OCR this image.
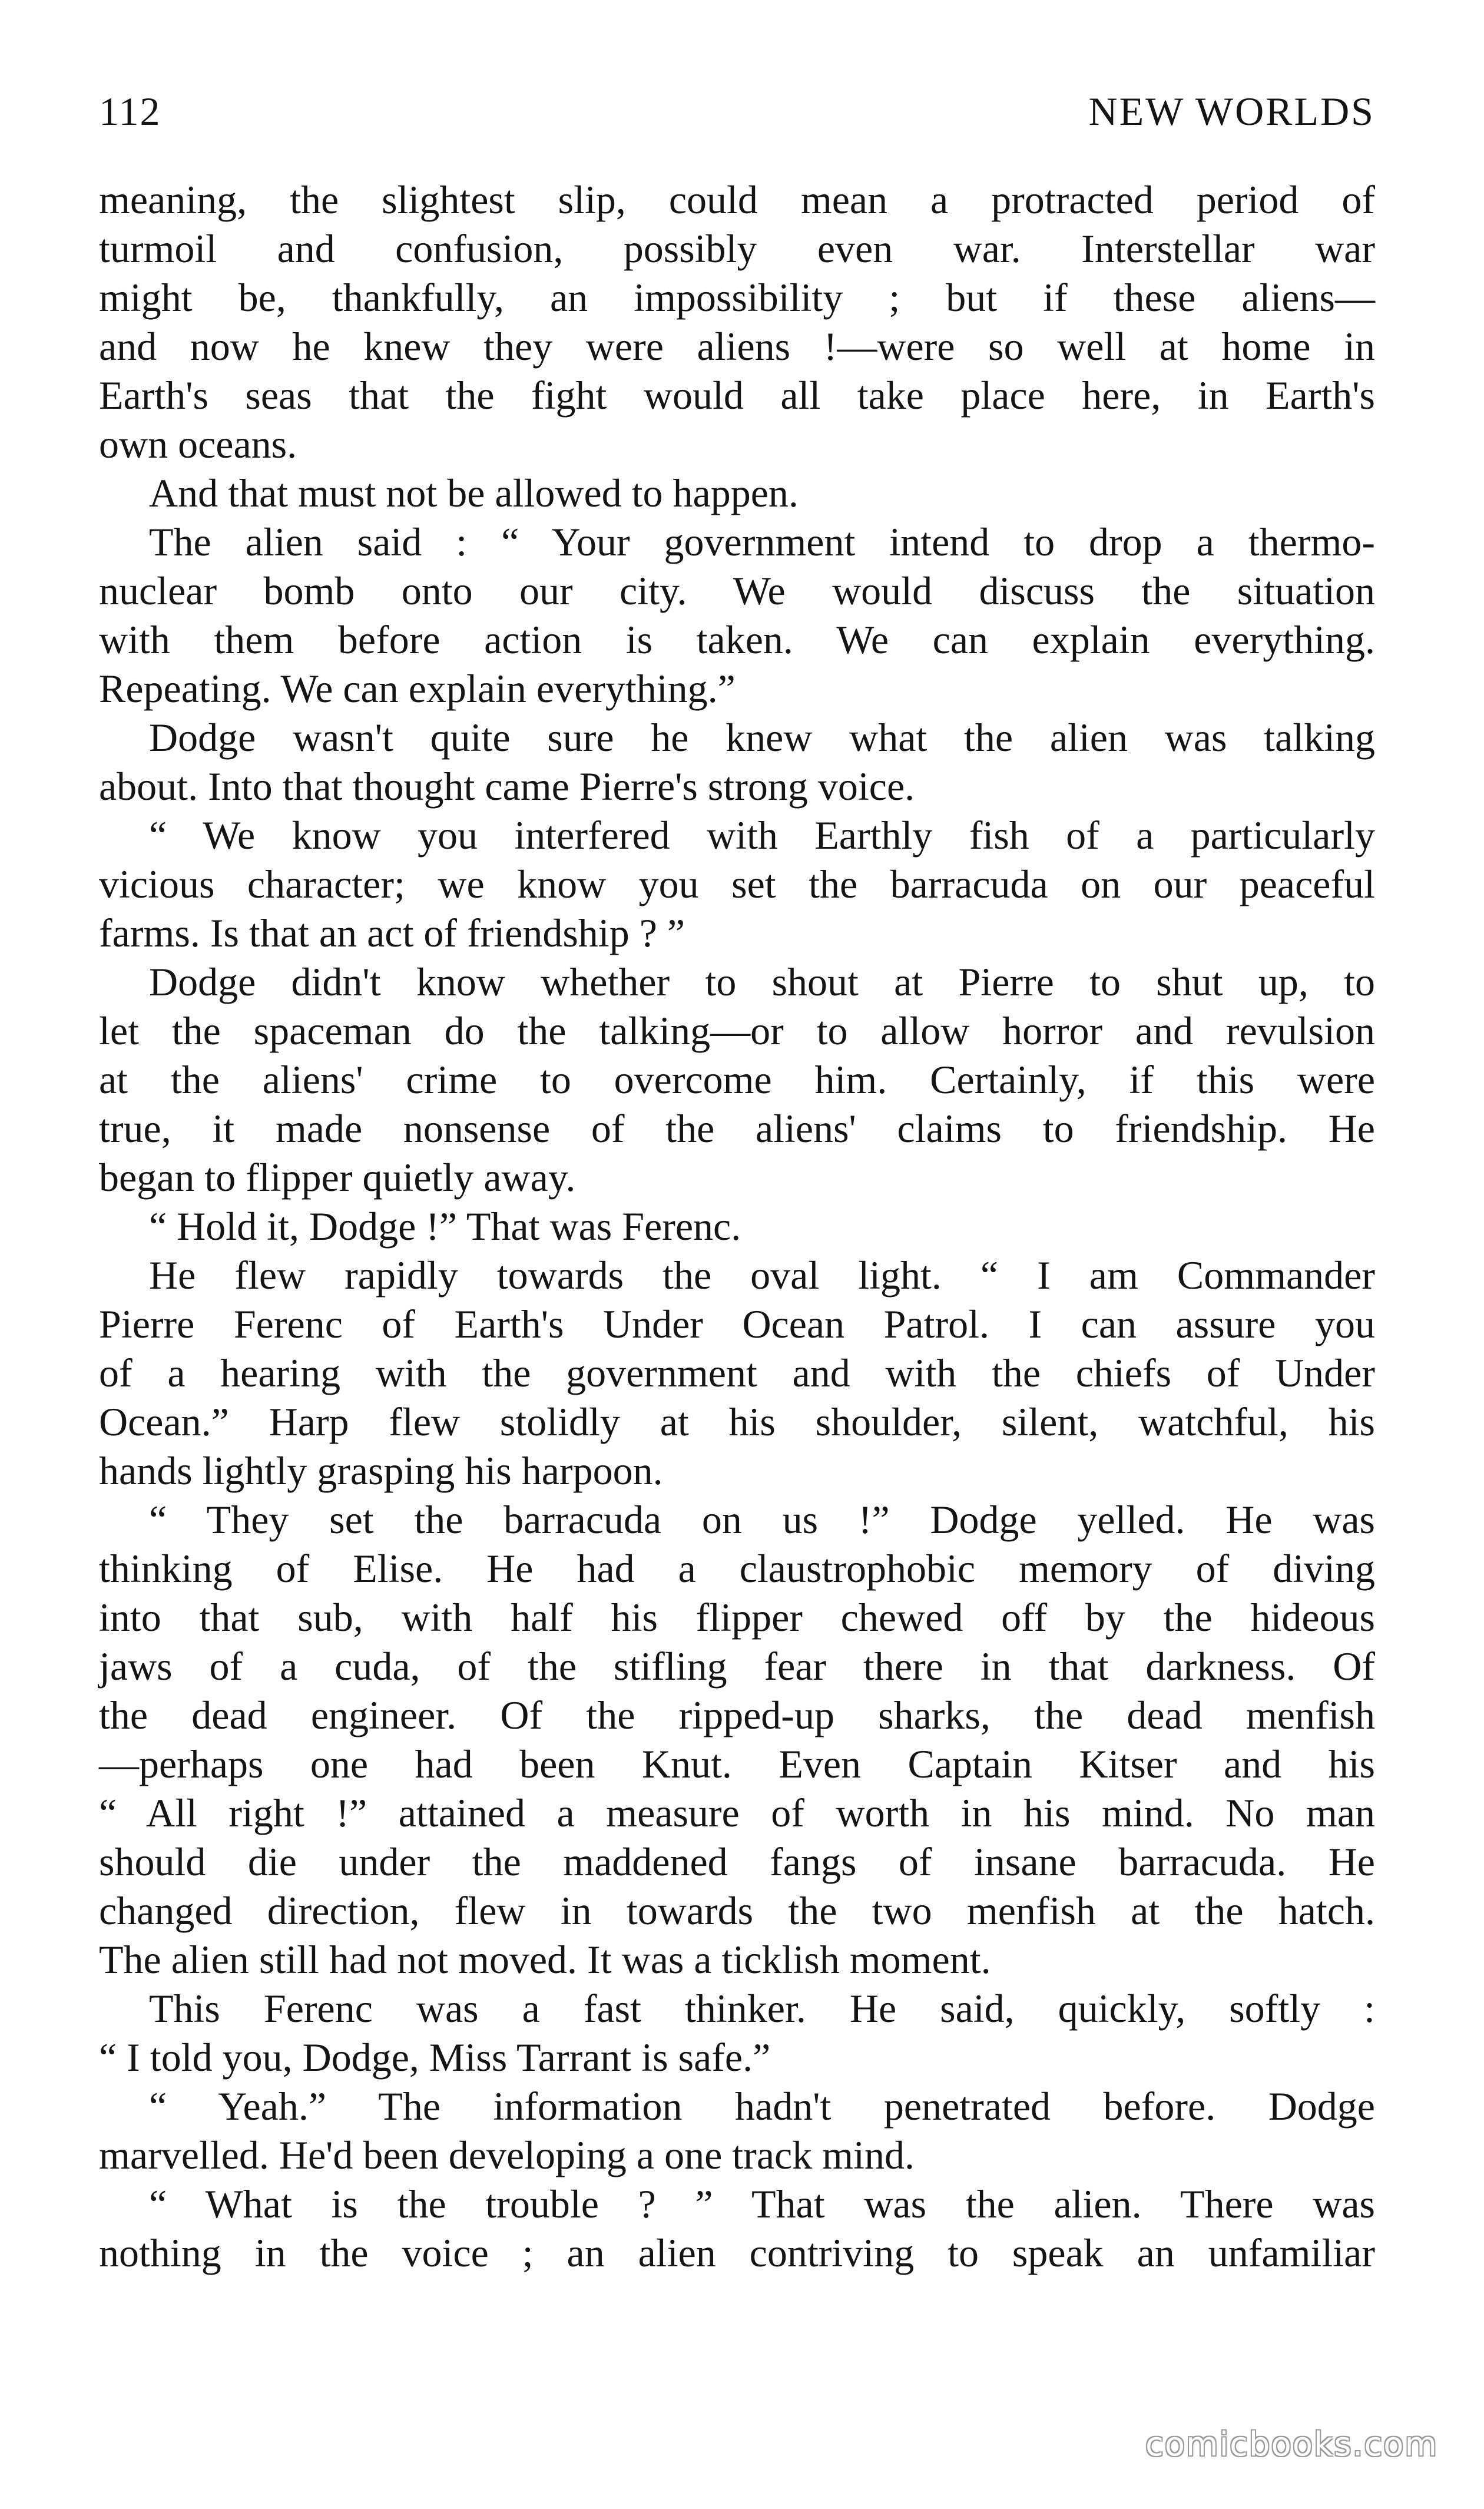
112	NEW WORLDS
meaning, the slightest slip, could mean a protracted period of
turmoil and confusion, possibly even war. Interstellar war
might be, thankfully, an impossibility ; but if these aliens—
and now he knew they were aliens !—were so well at home in
Earth's seas that the fight would all take place here, in Earth's
own oceans.
And that must not be allowed to happen.
The alien said : “ Your government intend to drop a thermo-
nuclear bomb onto our city. We would discuss the situation
with them before action is taken. We can explain everything.
Repeating. We can explain everything.”
Dodge wasn't quite sure he knew what the alien was talking
about. Into that thought came Pierre's strong voice.
“ We know you interfered with Earthly fish of a particularly
vicious character; we know you set the barracuda on our peaceful
farms. Is that an act of friendship ? ”
Dodge didn't know whether to shout at Pierre to shut up, to
let the spaceman do the talking—or to allow horror and revulsion
at the aliens' crime to overcome him. Certainly, if this were
true, it made nonsense of the aliens' claims to friendship. He
began to flipper quietly away.
“ Hold it, Dodge !” That was Ferenc.
He flew rapidly towards the oval light. “ I am Commander
Pierre Ferenc of Earth's Under Ocean Patrol. I can assure you
of a hearing with the government and with the chiefs of Under
Ocean.” Harp flew stolidly at his shoulder, silent, watchful, his
hands lightly grasping his harpoon.
“ They set the barracuda on us !” Dodge yelled. He was
thinking of Elise. He had a claustrophobic memory of diving
into that sub, with half his flipper chewed off by the hideous
jaws of a cuda, of the stifling fear there in that darkness. Of
the dead engineer. Of the ripped-up sharks, the dead menfish
—perhaps one had been Knut. Even Captain Kitser and his
“ All right !” attained a measure of worth in his mind. No man
should die under the maddened fangs of insane barracuda. He
changed direction, flew in towards the two menfish at the hatch.
The alien still had not moved. It was a ticklish moment.
This Ferenc was a fast thinker. He said, quickly, softly :
“ I told you, Dodge, Miss Tarrant is safe.”
“ Yeah.” The information hadn't penetrated before. Dodge
marvelled. He'd been developing a one track mind.
“ What is the trouble ? ” That was the alien. There was
nothing in the voice ; an alien contriving to speak an unfamiliar
comicbooks.com
